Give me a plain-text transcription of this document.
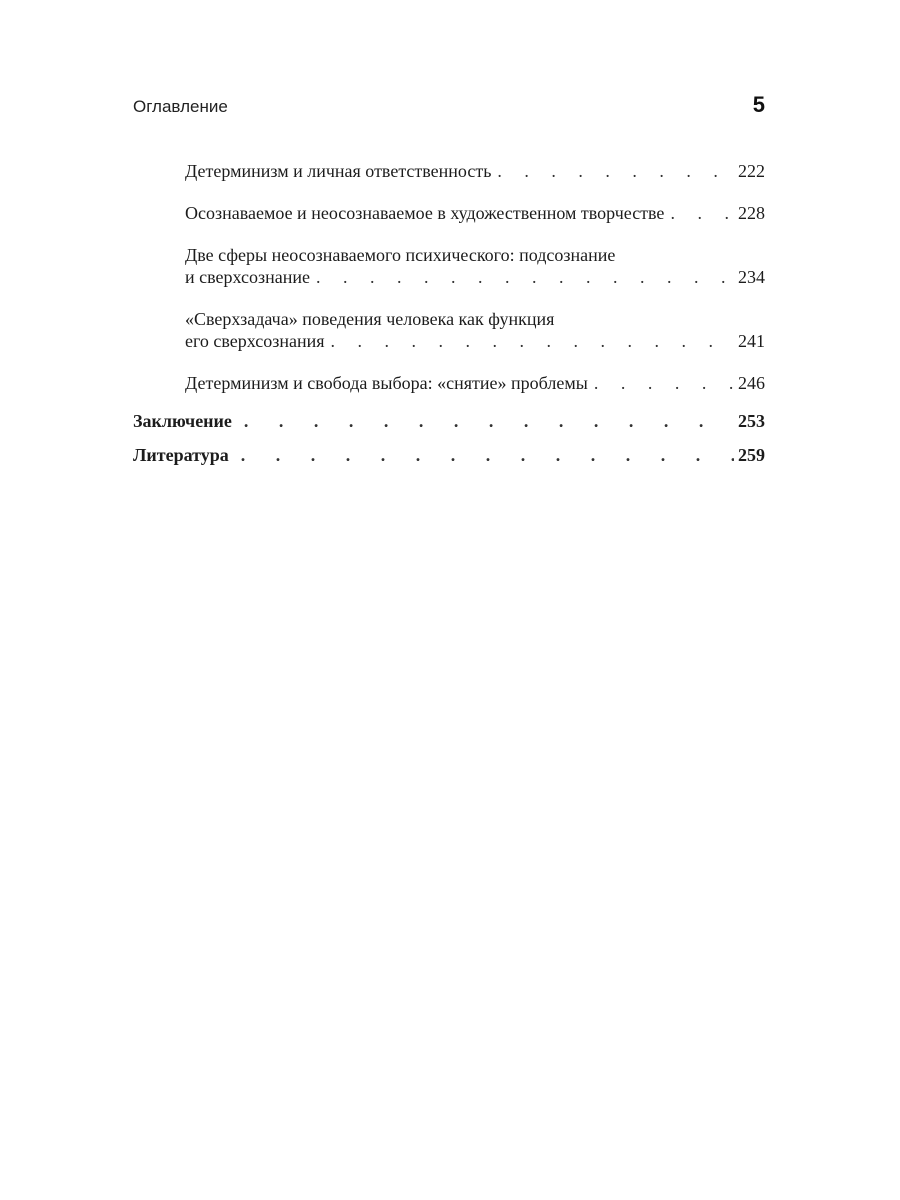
Оглавление	5
Детерминизм и личная ответственность . . .	222
Осознаваемое и неосознаваемое в художественном творчестве . . .	228
Две сферы неосознаваемого психического: подсознание
и сверхсознание . . .	234
«Сверхзадача» поведения человека как функция
его сверхсознания . . .	241
Детерминизм и свобода выбора: «снятие» проблемы . . .	246
Заключение . . .	253
Литература . . .	259
